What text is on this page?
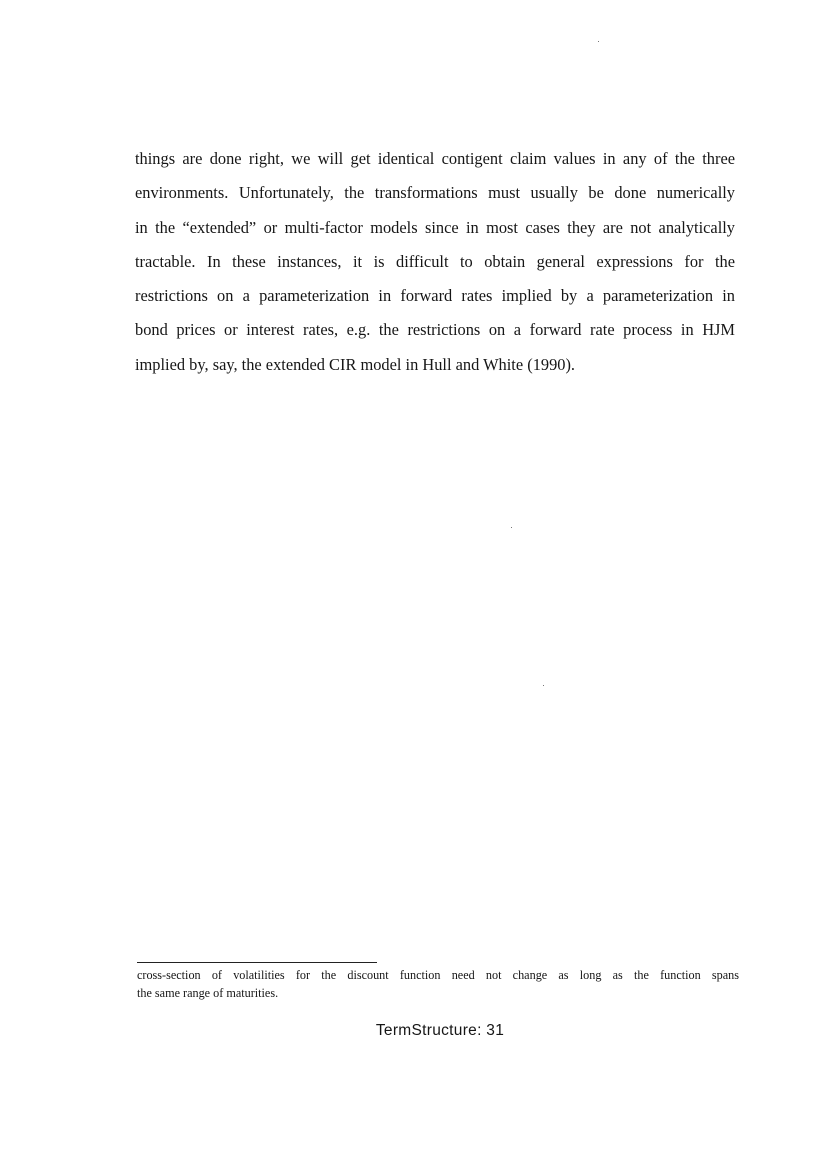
things are done right, we will get identical contigent claim values in any of the three
environments. Unfortunately, the transformations must usually be done numerically
in the “extended” or multi-factor models since in most cases they are not analytically
tractable. In these instances, it is difficult to obtain general expressions for the
restrictions on a parameterization in forward rates implied by a parameterization in
bond prices or interest rates, e.g. the restrictions on a forward rate process in HJM
implied by, say, the extended CIR model in Hull and White (1990).
cross-section of volatilities for the discount function need not change as long as the function spans
the same range of maturities.
TermStructure: 31
